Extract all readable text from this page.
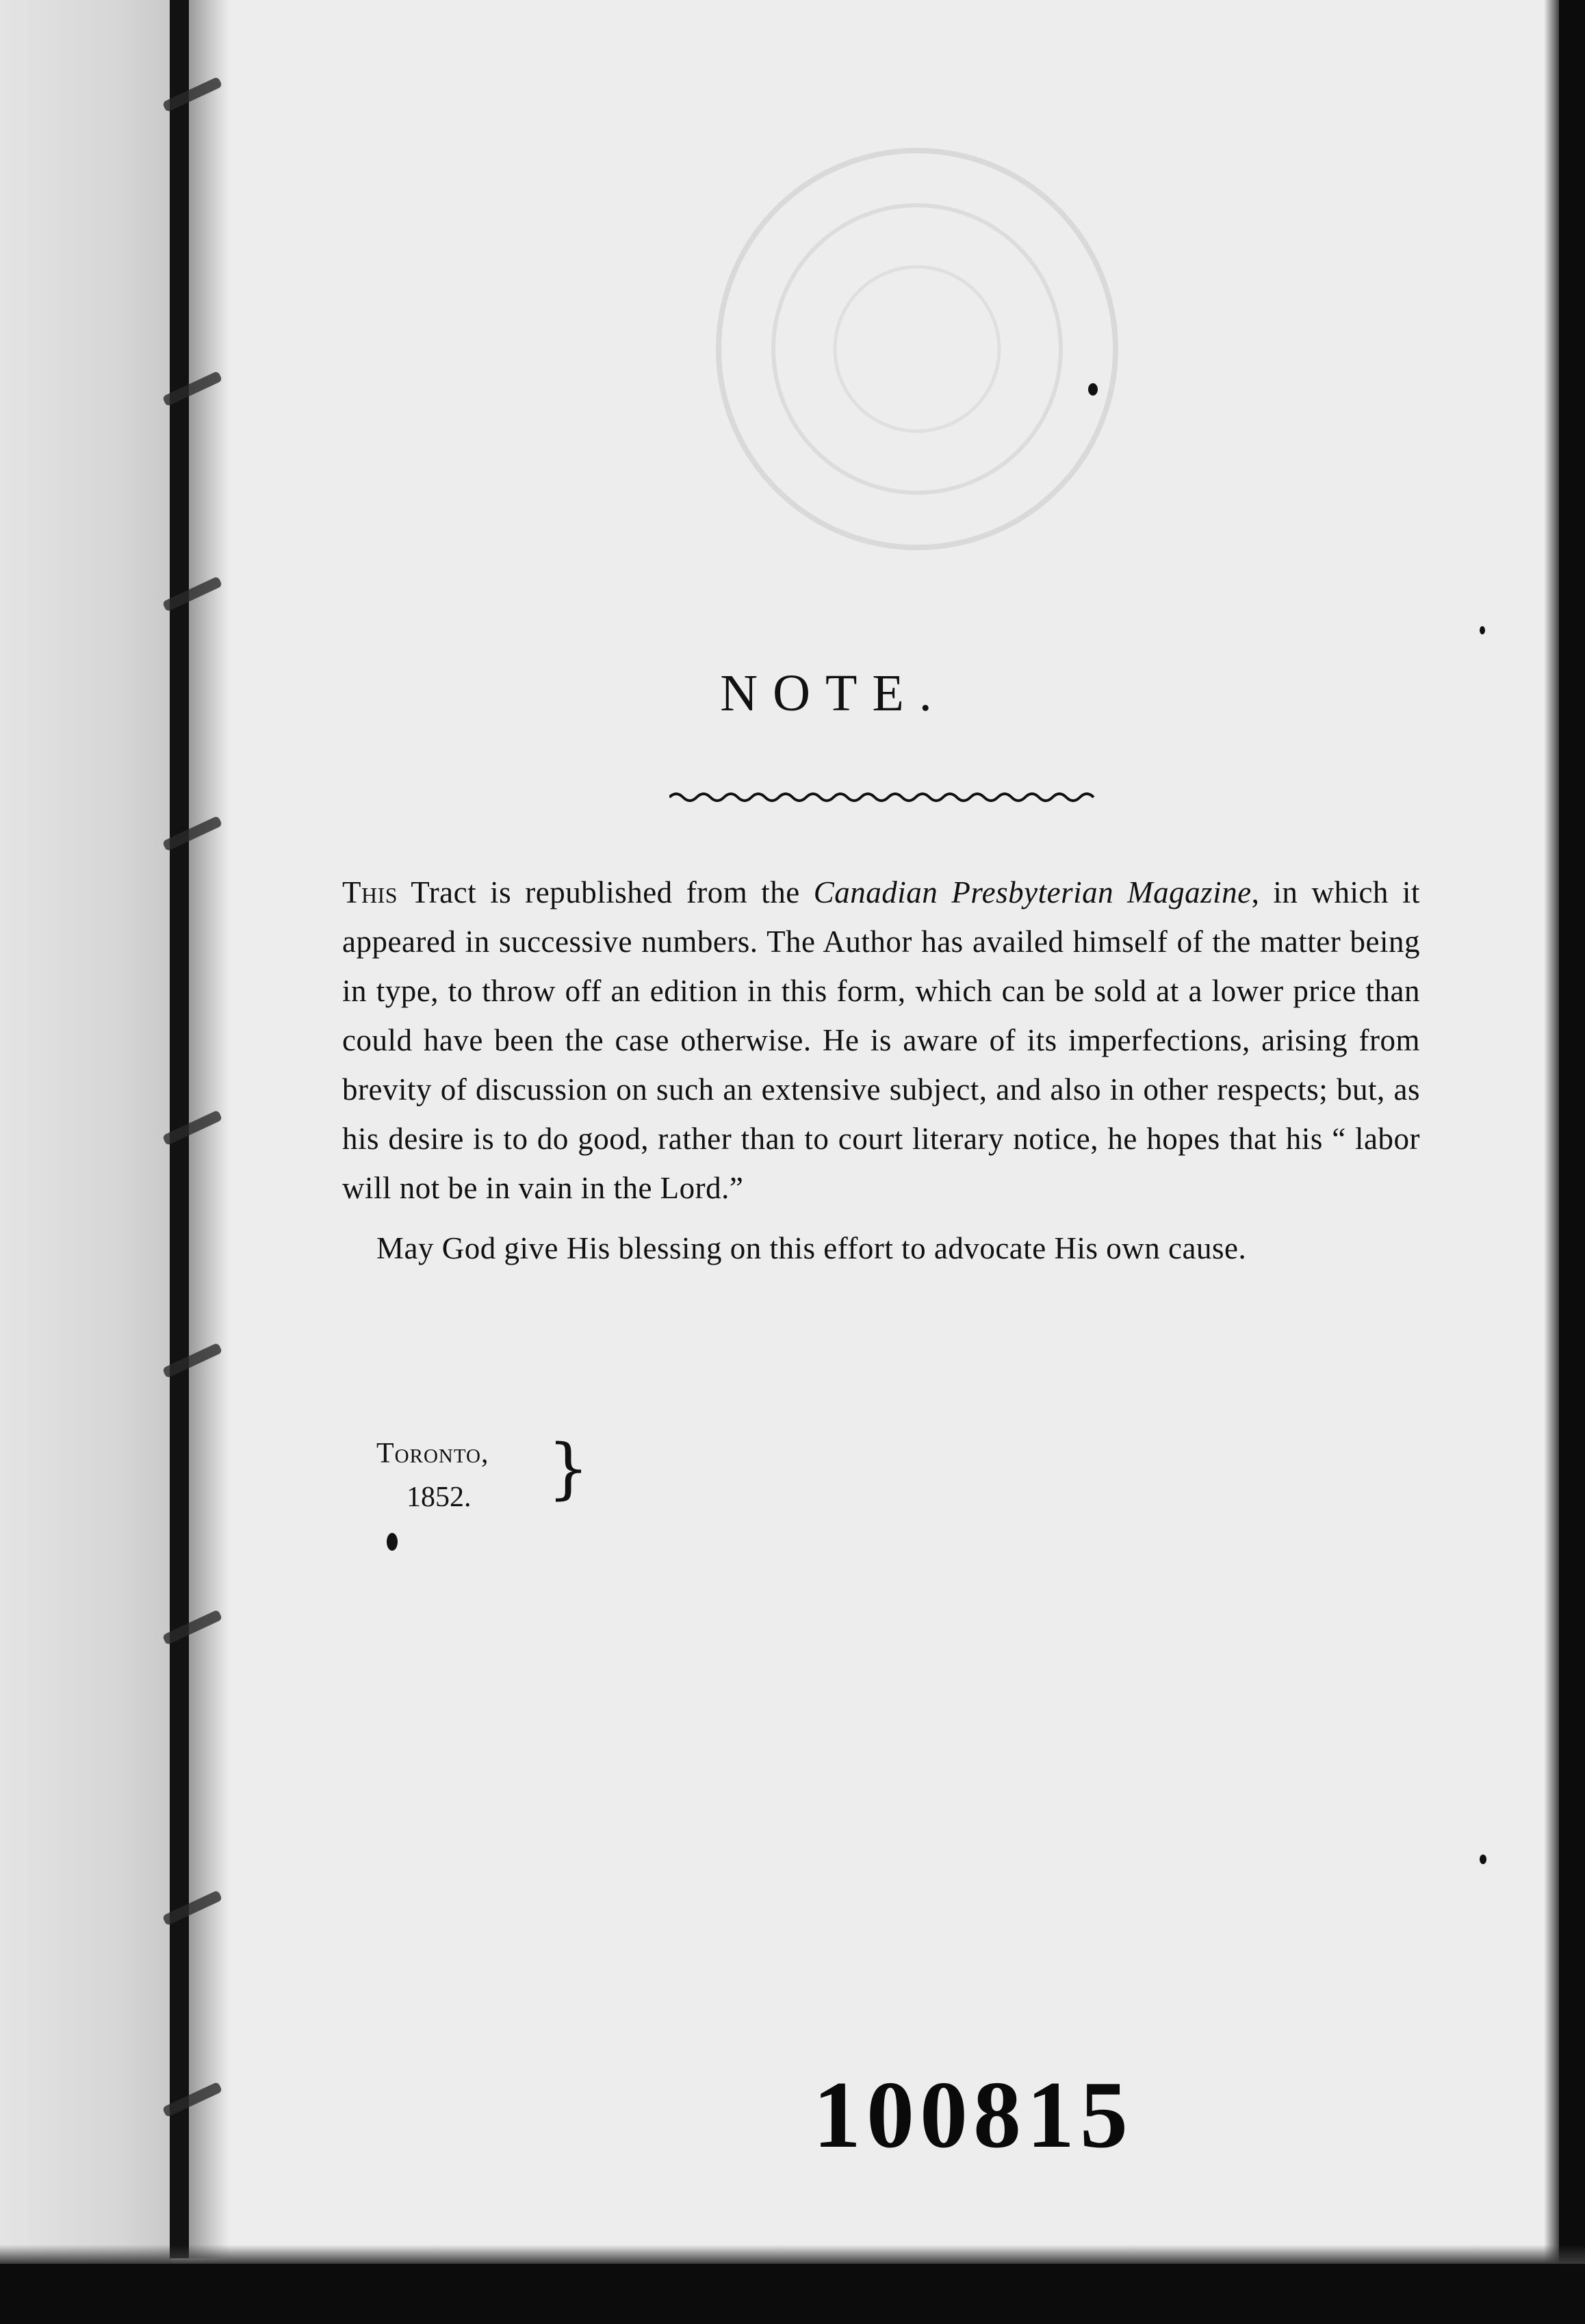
NOTE.

This Tract is republished from the Canadian Presbyterian Magazine, in which it appeared in successive numbers. The Author has availed himself of the matter being in type, to throw off an edition in this form, which can be sold at a lower price than could have been the case otherwise. He is aware of its imperfections, arising from brevity of discussion on such an extensive subject, and also in other respects; but, as his desire is to do good, rather than to court literary notice, he hopes that his “ labor will not be in vain in the Lord.”

May God give His blessing on this effort to advocate His own cause.

Toronto,
1852. }
100815
